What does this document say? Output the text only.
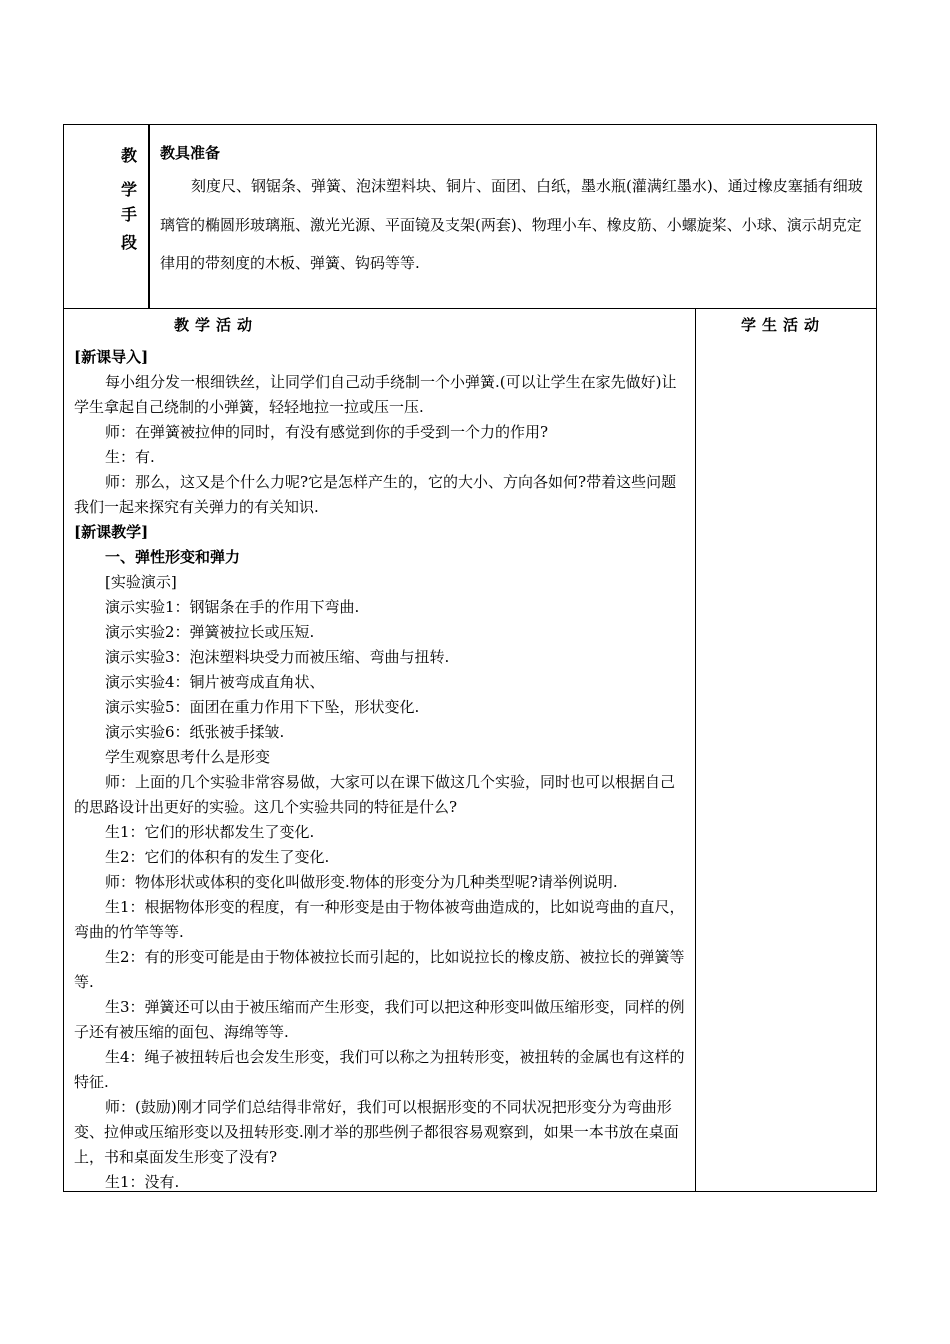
教
学
手
段
教具准备

刻度尺、钢锯条、弹簧、泡沫塑料块、铜片、面团、白纸，墨水瓶(灌满红墨水)、通过橡皮塞插有细玻璃管的椭圆形玻璃瓶、激光光源、平面镜及支架(两套)、物理小车、橡皮筋、小螺旋桨、小球、演示胡克定律用的带刻度的木板、弹簧、钩码等等.

教学活动	学生活动

[新课导入]

每小组分发一根细铁丝，让同学们自己动手绕制一个小弹簧.(可以让学生在家先做好)让学生拿起自己绕制的小弹簧，轻轻地拉一拉或压一压.

师：在弹簧被拉伸的同时，有没有感觉到你的手受到一个力的作用?

生：有.

师：那么，这又是个什么力呢?它是怎样产生的，它的大小、方向各如何?带着这些问题我们一起来探究有关弹力的有关知识.

[新课教学]

一、弹性形变和弹力

[实验演示]

演示实验1：钢锯条在手的作用下弯曲.

演示实验2：弹簧被拉长或压短.

演示实验3：泡沫塑料块受力而被压缩、弯曲与扭转.

演示实验4：铜片被弯成直角状、

演示实验5：面团在重力作用下下坠，形状变化.

演示实验6：纸张被手揉皱.

学生观察思考什么是形变

师：上面的几个实验非常容易做，大家可以在课下做这几个实验，同时也可以根据自己的思路设计出更好的实验。这几个实验共同的特征是什么?

生1：它们的形状都发生了变化.

生2：它们的体积有的发生了变化.

师：物体形状或体积的变化叫做形变.物体的形变分为几种类型呢?请举例说明.

生1：根据物体形变的程度，有一种形变是由于物体被弯曲造成的，比如说弯曲的直尺，弯曲的竹竿等等.

生2：有的形变可能是由于物体被拉长而引起的，比如说拉长的橡皮筋、被拉长的弹簧等等.

生3：弹簧还可以由于被压缩而产生形变，我们可以把这种形变叫做压缩形变，同样的例子还有被压缩的面包、海绵等等.

生4：绳子被扭转后也会发生形变，我们可以称之为扭转形变，被扭转的金属也有这样的特征.

师：(鼓励)刚才同学们总结得非常好，我们可以根据形变的不同状况把形变分为弯曲形变、拉伸或压缩形变以及扭转形变.刚才举的那些例子都很容易观察到，如果一本书放在桌面上，书和桌面发生形变了没有?

生1：没有.
